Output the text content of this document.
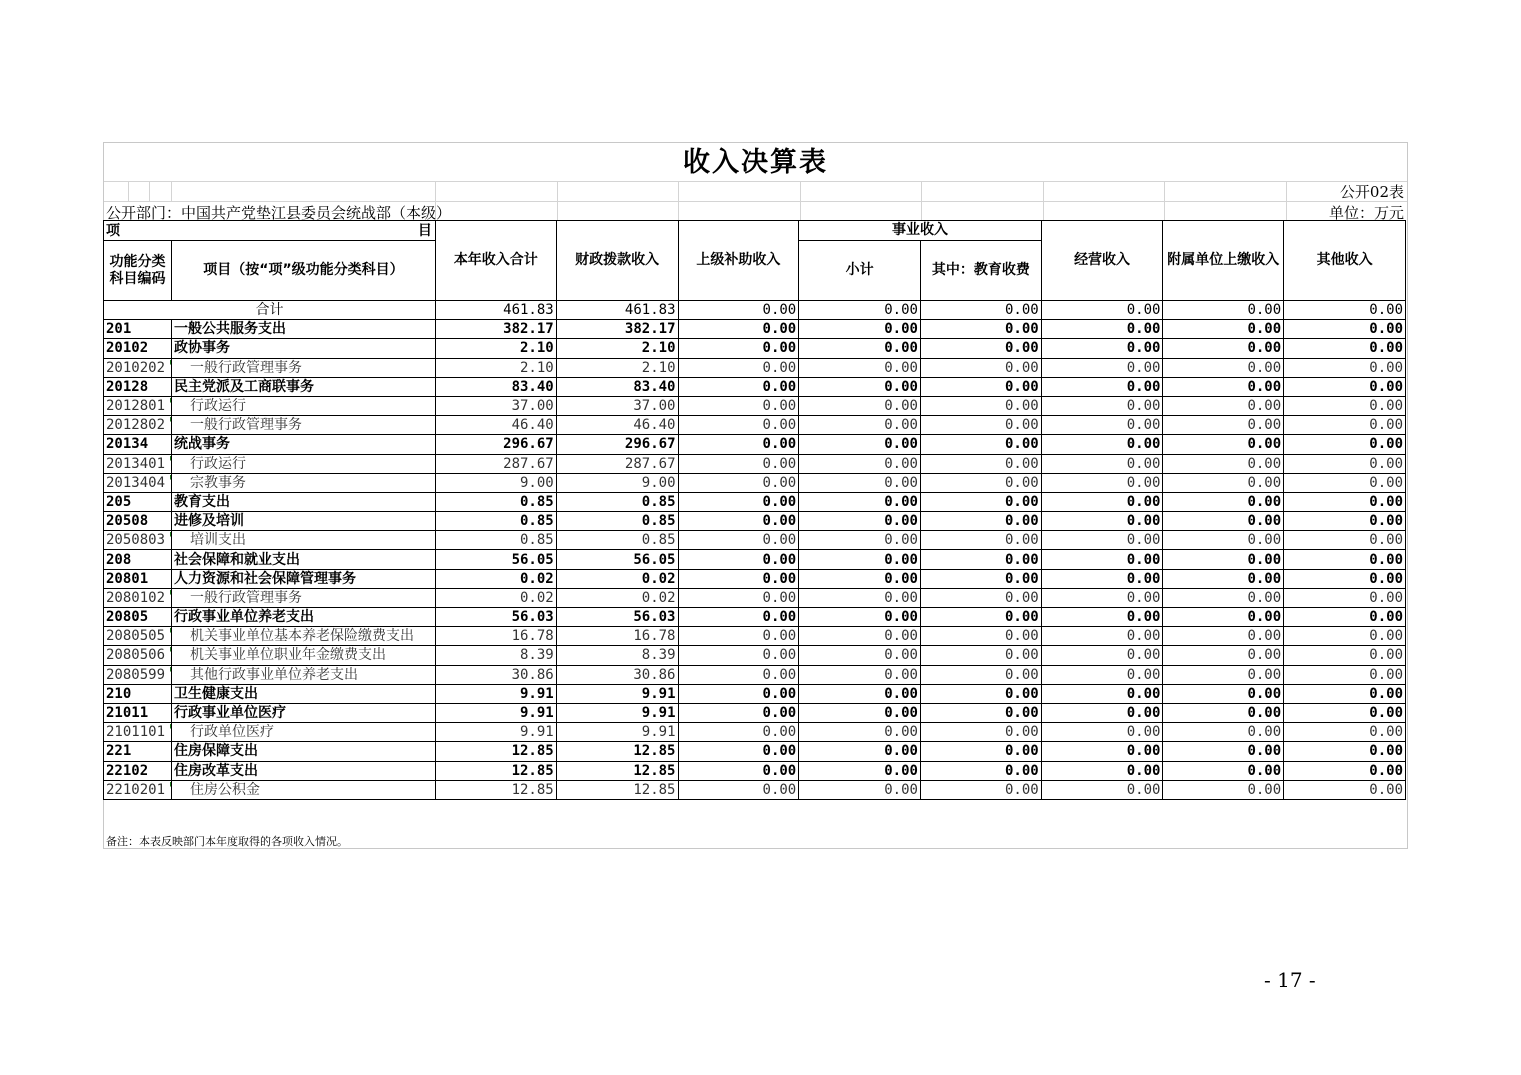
收入决算表
公开02表
公开部门：中国共产党垫江县委员会统战部（本级）	单位：万元
项 目		本年收入合计	财政拨款收入	上级补助收入	事业收入		经营收入	附属单位上缴收入	其他收入
功能分类科目编码	项目（按“项”级功能分类科目）				小计	其中：教育收费			

合计		461.83	461.83	0.00	0.00	0.00	0.00	0.00	0.00
201	一般公共服务支出	382.17	382.17	0.00	0.00	0.00	0.00	0.00	0.00
20102	政协事务	2.10	2.10	0.00	0.00	0.00	0.00	0.00	0.00
2010202	一般行政管理事务	2.10	2.10	0.00	0.00	0.00	0.00	0.00	0.00
20128	民主党派及工商联事务	83.40	83.40	0.00	0.00	0.00	0.00	0.00	0.00
2012801	行政运行	37.00	37.00	0.00	0.00	0.00	0.00	0.00	0.00
2012802	一般行政管理事务	46.40	46.40	0.00	0.00	0.00	0.00	0.00	0.00
20134	统战事务	296.67	296.67	0.00	0.00	0.00	0.00	0.00	0.00
2013401	行政运行	287.67	287.67	0.00	0.00	0.00	0.00	0.00	0.00
2013404	宗教事务	9.00	9.00	0.00	0.00	0.00	0.00	0.00	0.00
205	教育支出	0.85	0.85	0.00	0.00	0.00	0.00	0.00	0.00
20508	进修及培训	0.85	0.85	0.00	0.00	0.00	0.00	0.00	0.00
2050803	培训支出	0.85	0.85	0.00	0.00	0.00	0.00	0.00	0.00
208	社会保障和就业支出	56.05	56.05	0.00	0.00	0.00	0.00	0.00	0.00
20801	人力资源和社会保障管理事务	0.02	0.02	0.00	0.00	0.00	0.00	0.00	0.00
2080102	一般行政管理事务	0.02	0.02	0.00	0.00	0.00	0.00	0.00	0.00
20805	行政事业单位养老支出	56.03	56.03	0.00	0.00	0.00	0.00	0.00	0.00
2080505	机关事业单位基本养老保险缴费支出	16.78	16.78	0.00	0.00	0.00	0.00	0.00	0.00
2080506	机关事业单位职业年金缴费支出	8.39	8.39	0.00	0.00	0.00	0.00	0.00	0.00
2080599	其他行政事业单位养老支出	30.86	30.86	0.00	0.00	0.00	0.00	0.00	0.00
210	卫生健康支出	9.91	9.91	0.00	0.00	0.00	0.00	0.00	0.00
21011	行政事业单位医疗	9.91	9.91	0.00	0.00	0.00	0.00	0.00	0.00
2101101	行政单位医疗	9.91	9.91	0.00	0.00	0.00	0.00	0.00	0.00
221	住房保障支出	12.85	12.85	0.00	0.00	0.00	0.00	0.00	0.00
22102	住房改革支出	12.85	12.85	0.00	0.00	0.00	0.00	0.00	0.00
2210201	住房公积金	12.85	12.85	0.00	0.00	0.00	0.00	0.00	0.00
备注：本表反映部门本年度取得的各项收入情况。
- 17 -
